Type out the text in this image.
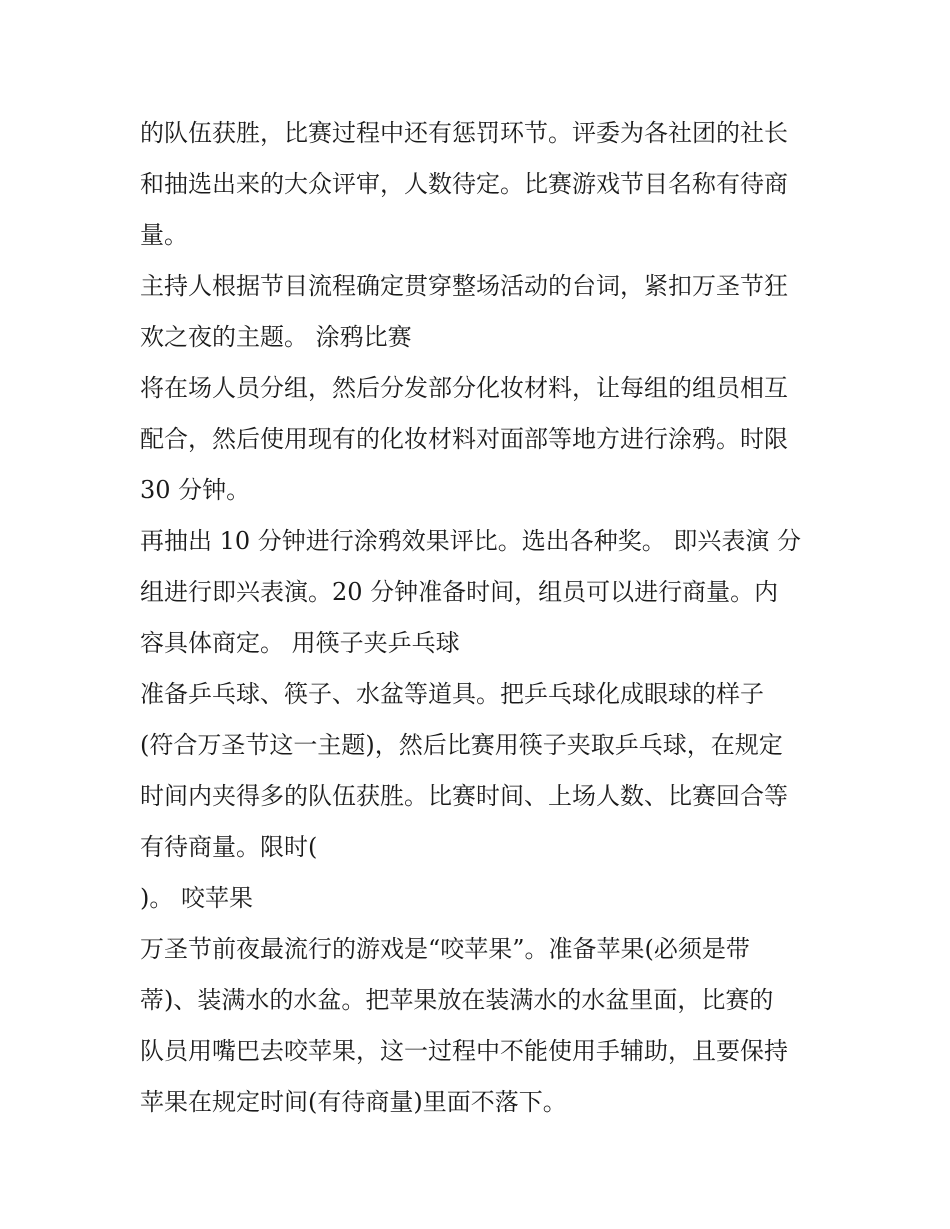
的队伍获胜，比赛过程中还有惩罚环节。评委为各社团的社长
和抽选出来的大众评审，人数待定。比赛游戏节目名称有待商
量。
主持人根据节目流程确定贯穿整场活动的台词，紧扣万圣节狂
欢之夜的主题。 涂鸦比赛
将在场人员分组，然后分发部分化妆材料，让每组的组员相互
配合，然后使用现有的化妆材料对面部等地方进行涂鸦。时限
30 分钟。
再抽出 10 分钟进行涂鸦效果评比。选出各种奖。 即兴表演 分
组进行即兴表演。20 分钟准备时间，组员可以进行商量。内
容具体商定。 用筷子夹乒乓球
准备乒乓球、筷子、水盆等道具。把乒乓球化成眼球的样子
(符合万圣节这一主题)，然后比赛用筷子夹取乒乓球，在规定
时间内夹得多的队伍获胜。比赛时间、上场人数、比赛回合等
有待商量。限时(
)。 咬苹果
万圣节前夜最流行的游戏是“咬苹果”。准备苹果(必须是带
蒂)、装满水的水盆。把苹果放在装满水的水盆里面，比赛的
队员用嘴巴去咬苹果，这一过程中不能使用手辅助，且要保持
苹果在规定时间(有待商量)里面不落下。
